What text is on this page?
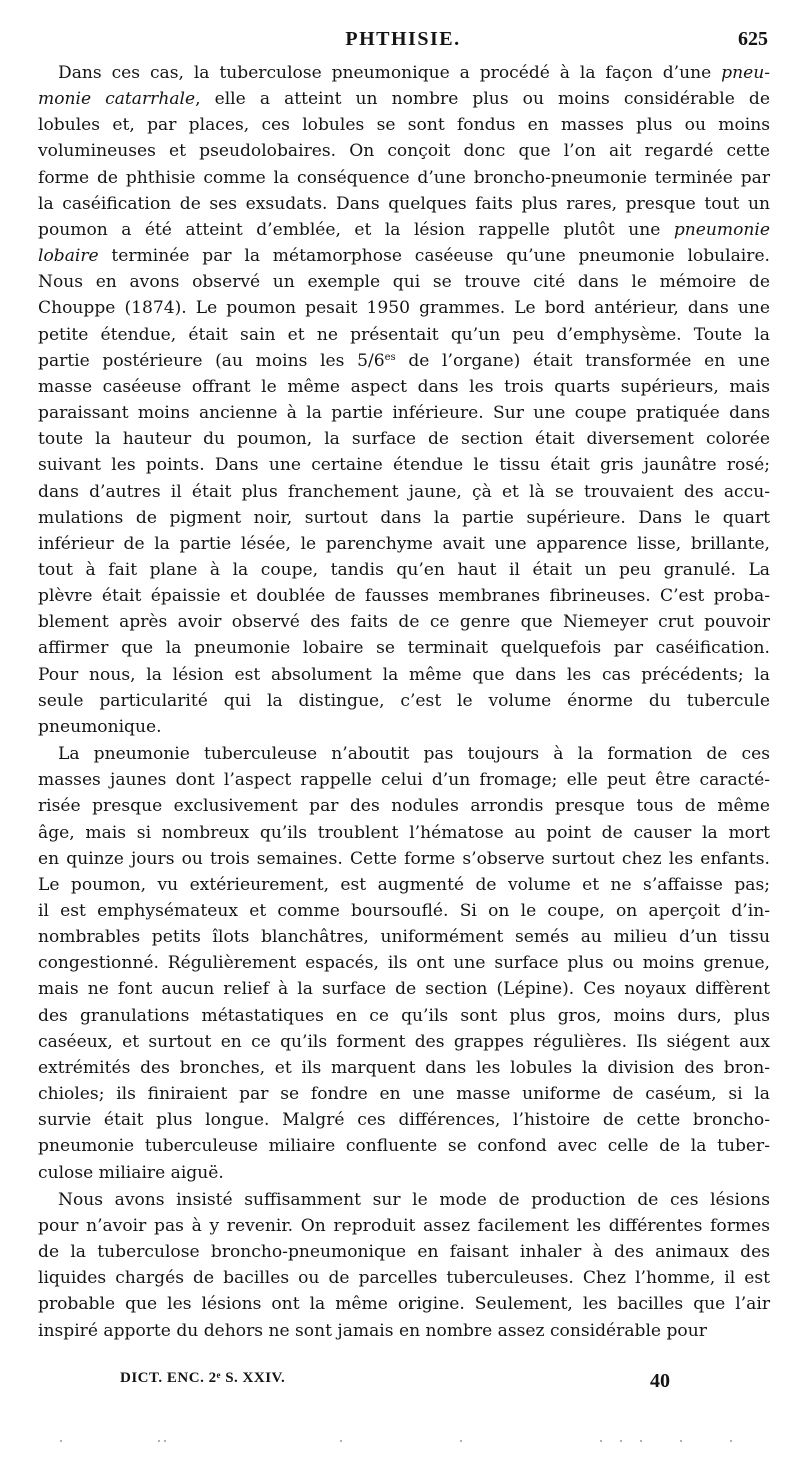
PHTHISIE.	625
Dans ces cas, la tuberculose pneumonique a procédé à la façon d’une pneu-
monie catarrhale, elle a atteint un nombre plus ou moins considérable de
lobules et, par places, ces lobules se sont fondus en masses plus ou moins
volumineuses et pseudolobaires. On conçoit donc que l’on ait regardé cette
forme de phthisie comme la conséquence d’une broncho-pneumonie terminée par
la caséification de ses exsudats. Dans quelques faits plus rares, presque tout un
poumon a été atteint d’emblée, et la lésion rappelle plutôt une pneumonie
lobaire terminée par la métamorphose caséeuse qu’une pneumonie lobulaire.
Nous en avons observé un exemple qui se trouve cité dans le mémoire de
Chouppe (1874). Le poumon pesait 1950 grammes. Le bord antérieur, dans une
petite étendue, était sain et ne présentait qu’un peu d’emphysème. Toute la
partie postérieure (au moins les $5/6^{es}$ de l’organe) était transformée en une
masse caséeuse offrant le même aspect dans les trois quarts supérieurs, mais
paraissant moins ancienne à la partie inférieure. Sur une coupe pratiquée dans
toute la hauteur du poumon, la surface de section était diversement colorée
suivant les points. Dans une certaine étendue le tissu était gris jaunâtre rosé;
dans d’autres il était plus franchement jaune, çà et là se trouvaient des accu-
mulations de pigment noir, surtout dans la partie supérieure. Dans le quart
inférieur de la partie lésée, le parenchyme avait une apparence lisse, brillante,
tout à fait plane à la coupe, tandis qu’en haut il était un peu granulé. La
plèvre était épaissie et doublée de fausses membranes fibrineuses. C’est proba-
blement après avoir observé des faits de ce genre que Niemeyer crut pouvoir
affirmer que la pneumonie lobaire se terminait quelquefois par caséification.
Pour nous, la lésion est absolument la même que dans les cas précédents; la
seule particularité qui la distingue, c’est le volume énorme du tubercule
pneumonique.
La pneumonie tuberculeuse n’aboutit pas toujours à la formation de ces
masses jaunes dont l’aspect rappelle celui d’un fromage; elle peut être caracté-
risée presque exclusivement par des nodules arrondis presque tous de même
âge, mais si nombreux qu’ils troublent l’hématose au point de causer la mort
en quinze jours ou trois semaines. Cette forme s’observe surtout chez les enfants.
Le poumon, vu extérieurement, est augmenté de volume et ne s’affaisse pas;
il est emphysémateux et comme boursouflé. Si on le coupe, on aperçoit d’in-
nombrables petits îlots blanchâtres, uniformément semés au milieu d’un tissu
congestionné. Régulièrement espacés, ils ont une surface plus ou moins grenue,
mais ne font aucun relief à la surface de section (Lépine). Ces noyaux diffèrent
des granulations métastatiques en ce qu’ils sont plus gros, moins durs, plus
caséeux, et surtout en ce qu’ils forment des grappes régulières. Ils siégent aux
extrémités des bronches, et ils marquent dans les lobules la division des bron-
chioles; ils finiraient par se fondre en une masse uniforme de caséum, si la
survie était plus longue. Malgré ces différences, l’histoire de cette broncho-
pneumonie tuberculeuse miliaire confluente se confond avec celle de la tuber-
culose miliaire aiguë.
Nous avons insisté suffisamment sur le mode de production de ces lésions
pour n’avoir pas à y revenir. On reproduit assez facilement les différentes formes
de la tuberculose broncho-pneumonique en faisant inhaler à des animaux des
liquides chargés de bacilles ou de parcelles tuberculeuses. Chez l’homme, il est
probable que les lésions ont la même origine. Seulement, les bacilles que l’air
inspiré apporte du dehors ne sont jamais en nombre assez considérable pour
DICT. ENC. 2ᵉ S. XXIV.	40
